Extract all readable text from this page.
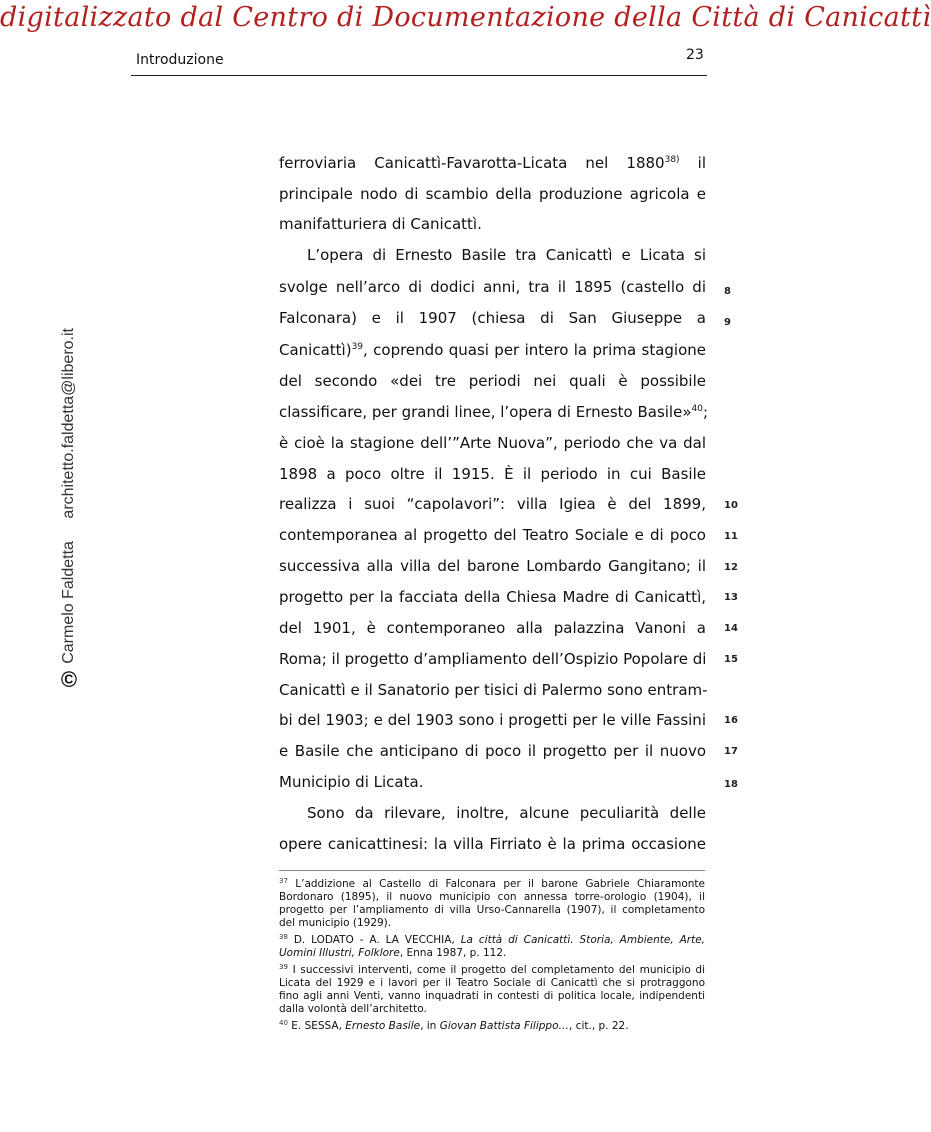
digitalizzato dal Centro di Documentazione della Città di Canicattì
Introduzione	23
©
Carmelo Faldetta
architetto.faldetta@libero.it
ferroviaria Canicattì-Favarotta-Licata nel 1880$^{38)}$ il
principale nodo di scambio della produzione agricola e
manifatturiera di Canicattì.
L’opera di Ernesto Basile tra Canicattì e Licata si
svolge nell’arco di dodici anni, tra il 1895 (castello di
Falconara) e il 1907 (chiesa di San Giuseppe a
Canicattì)$^{39}$, coprendo quasi per intero la prima stagione
del secondo «dei tre periodi nei quali è possibile
classificare, per grandi linee, l’opera di Ernesto Basile»$^{40}$;
è cioè la stagione dell’”Arte Nuova”, periodo che va dal
1898 a poco oltre il 1915. È il periodo in cui Basile
realizza i suoi “capolavori”: villa Igiea è del 1899,
contemporanea al progetto del Teatro Sociale e di poco
successiva alla villa del barone Lombardo Gangitano; il
progetto per la facciata della Chiesa Madre di Canicattì,
del 1901, è contemporaneo alla palazzina Vanoni a
Roma; il progetto d’ampliamento dell’Ospizio Popolare di
Canicattì e il Sanatorio per tisici di Palermo sono entram-
bi del 1903; e del 1903 sono i progetti per le ville Fassini
e Basile che anticipano di poco il progetto per il nuovo
Municipio di Licata.
Sono da rilevare, inoltre, alcune peculiarità delle
opere canicattinesi: la villa Firriato è la prima occasione
8
9
10
11
12
13
14
15
16
17
18
$^{37}$ L’addizione al Castello di Falconara per il barone Gabriele Chiaramonte
Bordonaro (1895), il nuovo municipio con annessa torre-orologio (1904), il
progetto per l’ampliamento di villa Urso-Cannarella (1907), il completamento
del municipio (1929).
$^{38}$ D. LODATO - A. LA VECCHIA, La città di Canicattì. Storia, Ambiente, Arte,
Uomini Illustri, Folklore, Enna 1987, p. 112.
$^{39}$ I successivi interventi, come il progetto del completamento del municipio di
Licata del 1929 e i lavori per il Teatro Sociale di Canicattì che si protraggono
fino agli anni Venti, vanno inquadrati in contesti di politica locale, indipendenti
dalla volontà dell’architetto.
$^{40}$ E. SESSA, Ernesto Basile, in Giovan Battista Filippo…, cit., p. 22.
